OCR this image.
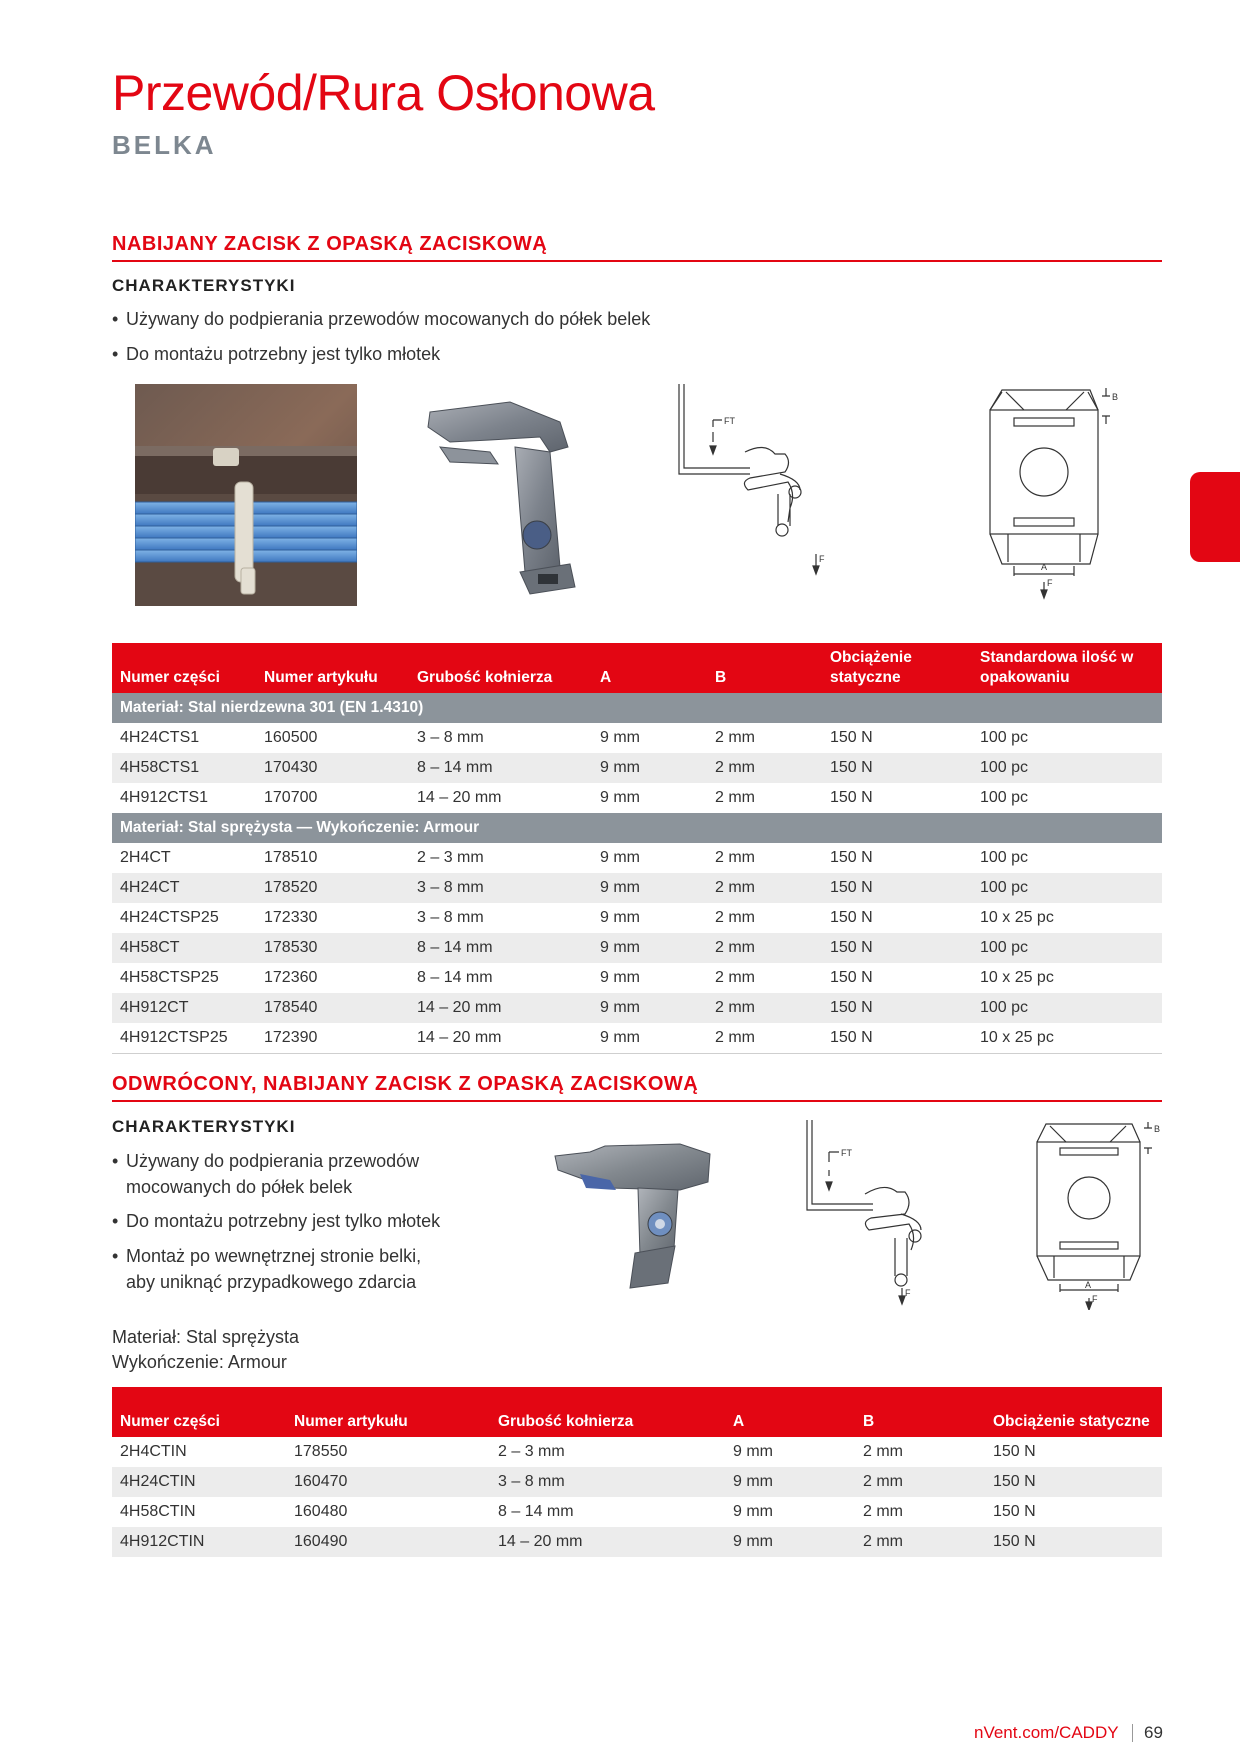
Przewód/Rura Osłonowa
BELKA
NABIJANY ZACISK Z OPASKĄ ZACISKOWĄ
CHARAKTERYSTYKI
• Używany do podpierania przewodów mocowanych do półek belek
• Do montażu potrzebny jest tylko młotek
FT
F
B
A
F
Numer części	Numer artykułu	Grubość kołnierza	A	B	Obciążenie statyczne	Standardowa ilość w opakowaniu
Materiał: Stal nierdzewna 301 (EN 1.4310)						
4H24CTS1	160500	3 – 8 mm	9 mm	2 mm	150 N	100 pc
4H58CTS1	170430	8 – 14 mm	9 mm	2 mm	150 N	100 pc
4H912CTS1	170700	14 – 20 mm	9 mm	2 mm	150 N	100 pc
Materiał: Stal sprężysta — Wykończenie: Armour						
2H4CT	178510	2 – 3 mm	9 mm	2 mm	150 N	100 pc
4H24CT	178520	3 – 8 mm	9 mm	2 mm	150 N	100 pc
4H24CTSP25	172330	3 – 8 mm	9 mm	2 mm	150 N	10 x 25 pc
4H58CT	178530	8 – 14 mm	9 mm	2 mm	150 N	100 pc
4H58CTSP25	172360	8 – 14 mm	9 mm	2 mm	150 N	10 x 25 pc
4H912CT	178540	14 – 20 mm	9 mm	2 mm	150 N	100 pc
4H912CTSP25	172390	14 – 20 mm	9 mm	2 mm	150 N	10 x 25 pc
ODWRÓCONY, NABIJANY ZACISK Z OPASKĄ ZACISKOWĄ
CHARAKTERYSTYKI
• Używany do podpierania przewodów
mocowanych do półek belek
• Do montażu potrzebny jest tylko młotek
• Montaż po wewnętrznej stronie belki,
aby uniknąć przypadkowego zdarcia
Materiał: Stal sprężysta
Wykończenie: Armour
FT
F
B
A
F
Numer części	Numer artykułu	Grubość kołnierza	A	B	Obciążenie statyczne
2H4CTIN	178550	2 – 3 mm	9 mm	2 mm	150 N
4H24CTIN	160470	3 – 8 mm	9 mm	2 mm	150 N
4H58CTIN	160480	8 – 14 mm	9 mm	2 mm	150 N
4H912CTIN	160490	14 – 20 mm	9 mm	2 mm	150 N
nVent.com/CADDY 69
